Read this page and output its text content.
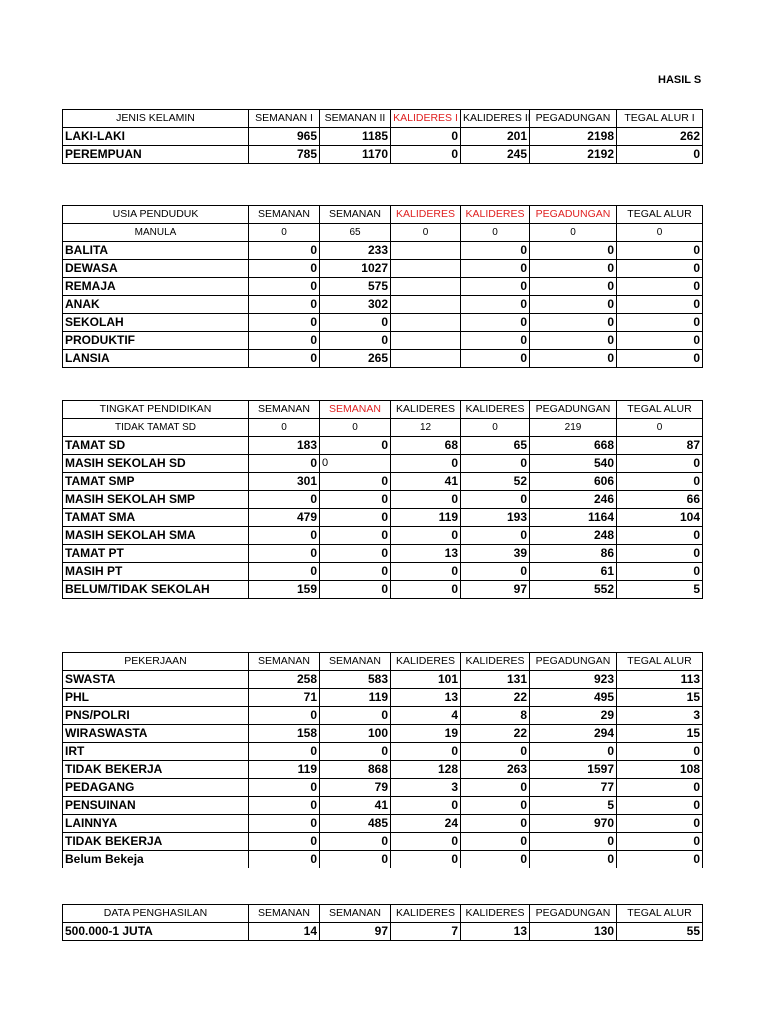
HASIL S
JENIS KELAMIN	SEMANAN I	SEMANAN II	KALIDERES I	KALIDERES II	PEGADUNGAN	TEGAL ALUR I
LAKI-LAKI	965	1185	0	201	2198	262
PEREMPUAN	785	1170	0	245	2192	0
USIA PENDUDUK	SEMANAN	SEMANAN	KALIDERES	KALIDERES	PEGADUNGAN	TEGAL ALUR
MANULA	0	65	0	0	0	0
BALITA	0	233		0	0	0
DEWASA	0	1027		0	0	0
REMAJA	0	575		0	0	0
ANAK	0	302		0	0	0
SEKOLAH	0	0		0	0	0
PRODUKTIF	0	0		0	0	0
LANSIA	0	265		0	0	0
TINGKAT PENDIDIKAN	SEMANAN	SEMANAN	KALIDERES	KALIDERES	PEGADUNGAN	TEGAL ALUR
TIDAK TAMAT SD	0	0	12	0	219	0
TAMAT SD	183	0	68	65	668	87
MASIH SEKOLAH SD	0	0	0	0	540	0
TAMAT SMP	301	0	41	52	606	0
MASIH SEKOLAH SMP	0	0	0	0	246	66
TAMAT SMA	479	0	119	193	1164	104
MASIH SEKOLAH SMA	0	0	0	0	248	0
TAMAT PT	0	0	13	39	86	0
MASIH PT	0	0	0	0	61	0
BELUM/TIDAK SEKOLAH	159	0	0	97	552	5
PEKERJAAN	SEMANAN	SEMANAN	KALIDERES	KALIDERES	PEGADUNGAN	TEGAL ALUR
SWASTA	258	583	101	131	923	113
PHL	71	119	13	22	495	15
PNS/POLRI	0	0	4	8	29	3
WIRASWASTA	158	100	19	22	294	15
IRT	0	0	0	0	0	0
TIDAK BEKERJA	119	868	128	263	1597	108
PEDAGANG	0	79	3	0	77	0
PENSUINAN	0	41	0	0	5	0
LAINNYA	0	485	24	0	970	0
TIDAK BEKERJA	0	0	0	0	0	0
Belum Bekeja	0	0	0	0	0	0
DATA PENGHASILAN	SEMANAN	SEMANAN	KALIDERES	KALIDERES	PEGADUNGAN	TEGAL ALUR
500.000-1 JUTA	14	97	7	13	130	55
